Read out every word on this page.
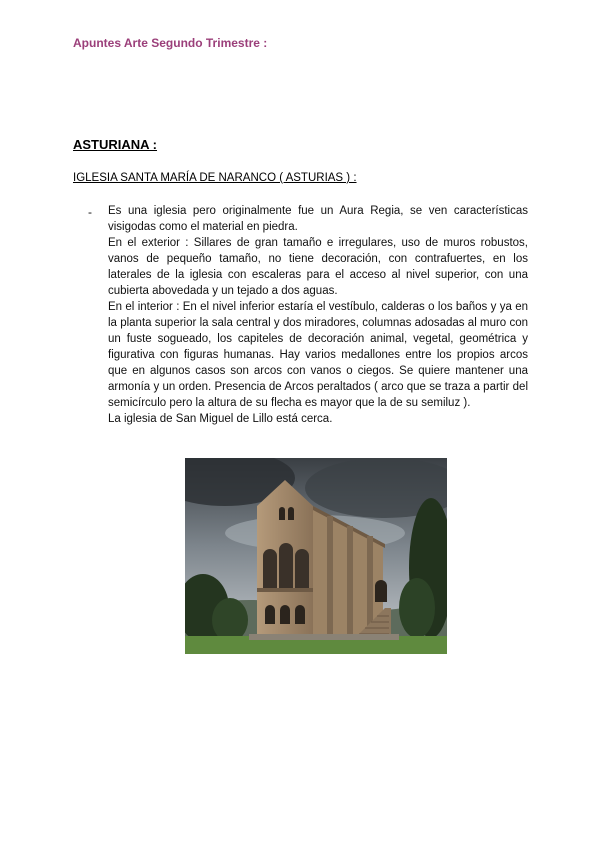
Apuntes Arte Segundo Trimestre :
ASTURIANA :
IGLESIA SANTA MARÍA DE NARANCO ( ASTURIAS ) :
- Es una iglesia pero originalmente fue un Aura Regia, se ven características visigodas como el material en piedra.

En el exterior : Sillares de gran tamaño e irregulares, uso de muros robustos, vanos de pequeño tamaño, no tiene decoración, con contrafuertes, en los laterales de la iglesia con escaleras para el acceso al nivel superior, con una cubierta abovedada y un tejado a dos aguas.

En el interior : En el nivel inferior estaría el vestíbulo, calderas o los baños y ya en la planta superior la sala central y dos miradores, columnas adosadas al muro con un fuste sogueado, los capiteles de decoración animal, vegetal, geométrica y figurativa con figuras humanas. Hay varios medallones entre los propios arcos que en algunos casos son arcos con vanos o ciegos. Se quiere mantener una armonía y un orden. Presencia de Arcos peraltados ( arco que se traza a partir del semicírculo pero la altura de su flecha es mayor que la de su semiluz ).

La iglesia de San Miguel de Lillo está cerca.
